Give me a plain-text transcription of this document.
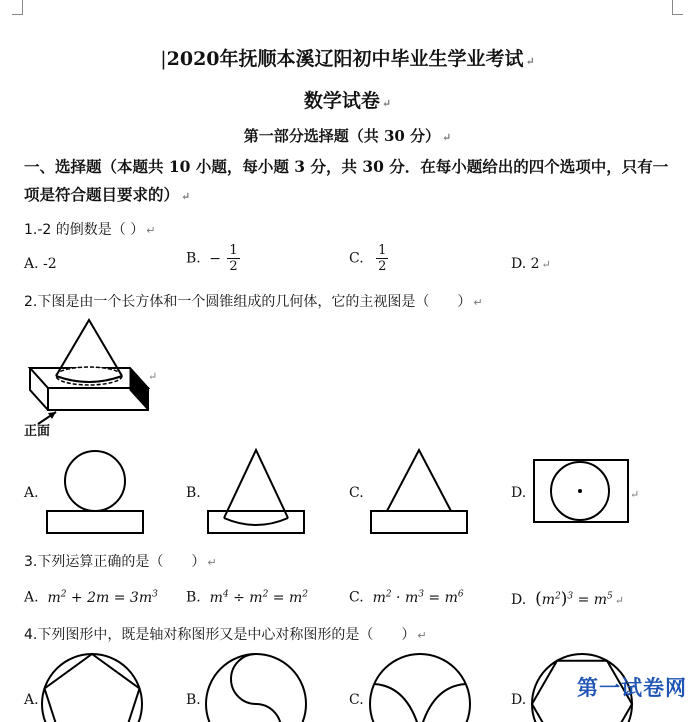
|2020年抚顺本溪辽阳初中毕业生学业考试 ↵
数学试卷 ↵
第一部分选择题（共 30 分） ↵
一、选择题（本题共 10 小题，每小题 3 分，共 30 分．在每小题给出的四个选项中，只有一项是符合题目要求的） ↵
1.-2 的倒数是（ ） ↵
A. -2	B. − $\frac{1}{2}$	C. $\frac{1}{2}$	D. 2 ↵
2.下图是由一个长方体和一个圆锥组成的几何体，它的主视图是（　　） ↵
正面
↵
A.	B.	C.	D.	↵
3.下列运算正确的是（　　） ↵
A. $m^2 + 2m = 3m^3$ B. $m^4 \div m^2 = m^2$	C. $m^2 \cdot m^3 = m^6$	D. $(m^2)^3 = m^5$ ↵
4.下列图形中，既是轴对称图形又是中心对称图形的是（　　） ↵
A.	B.	C.	D. 第一试卷网
